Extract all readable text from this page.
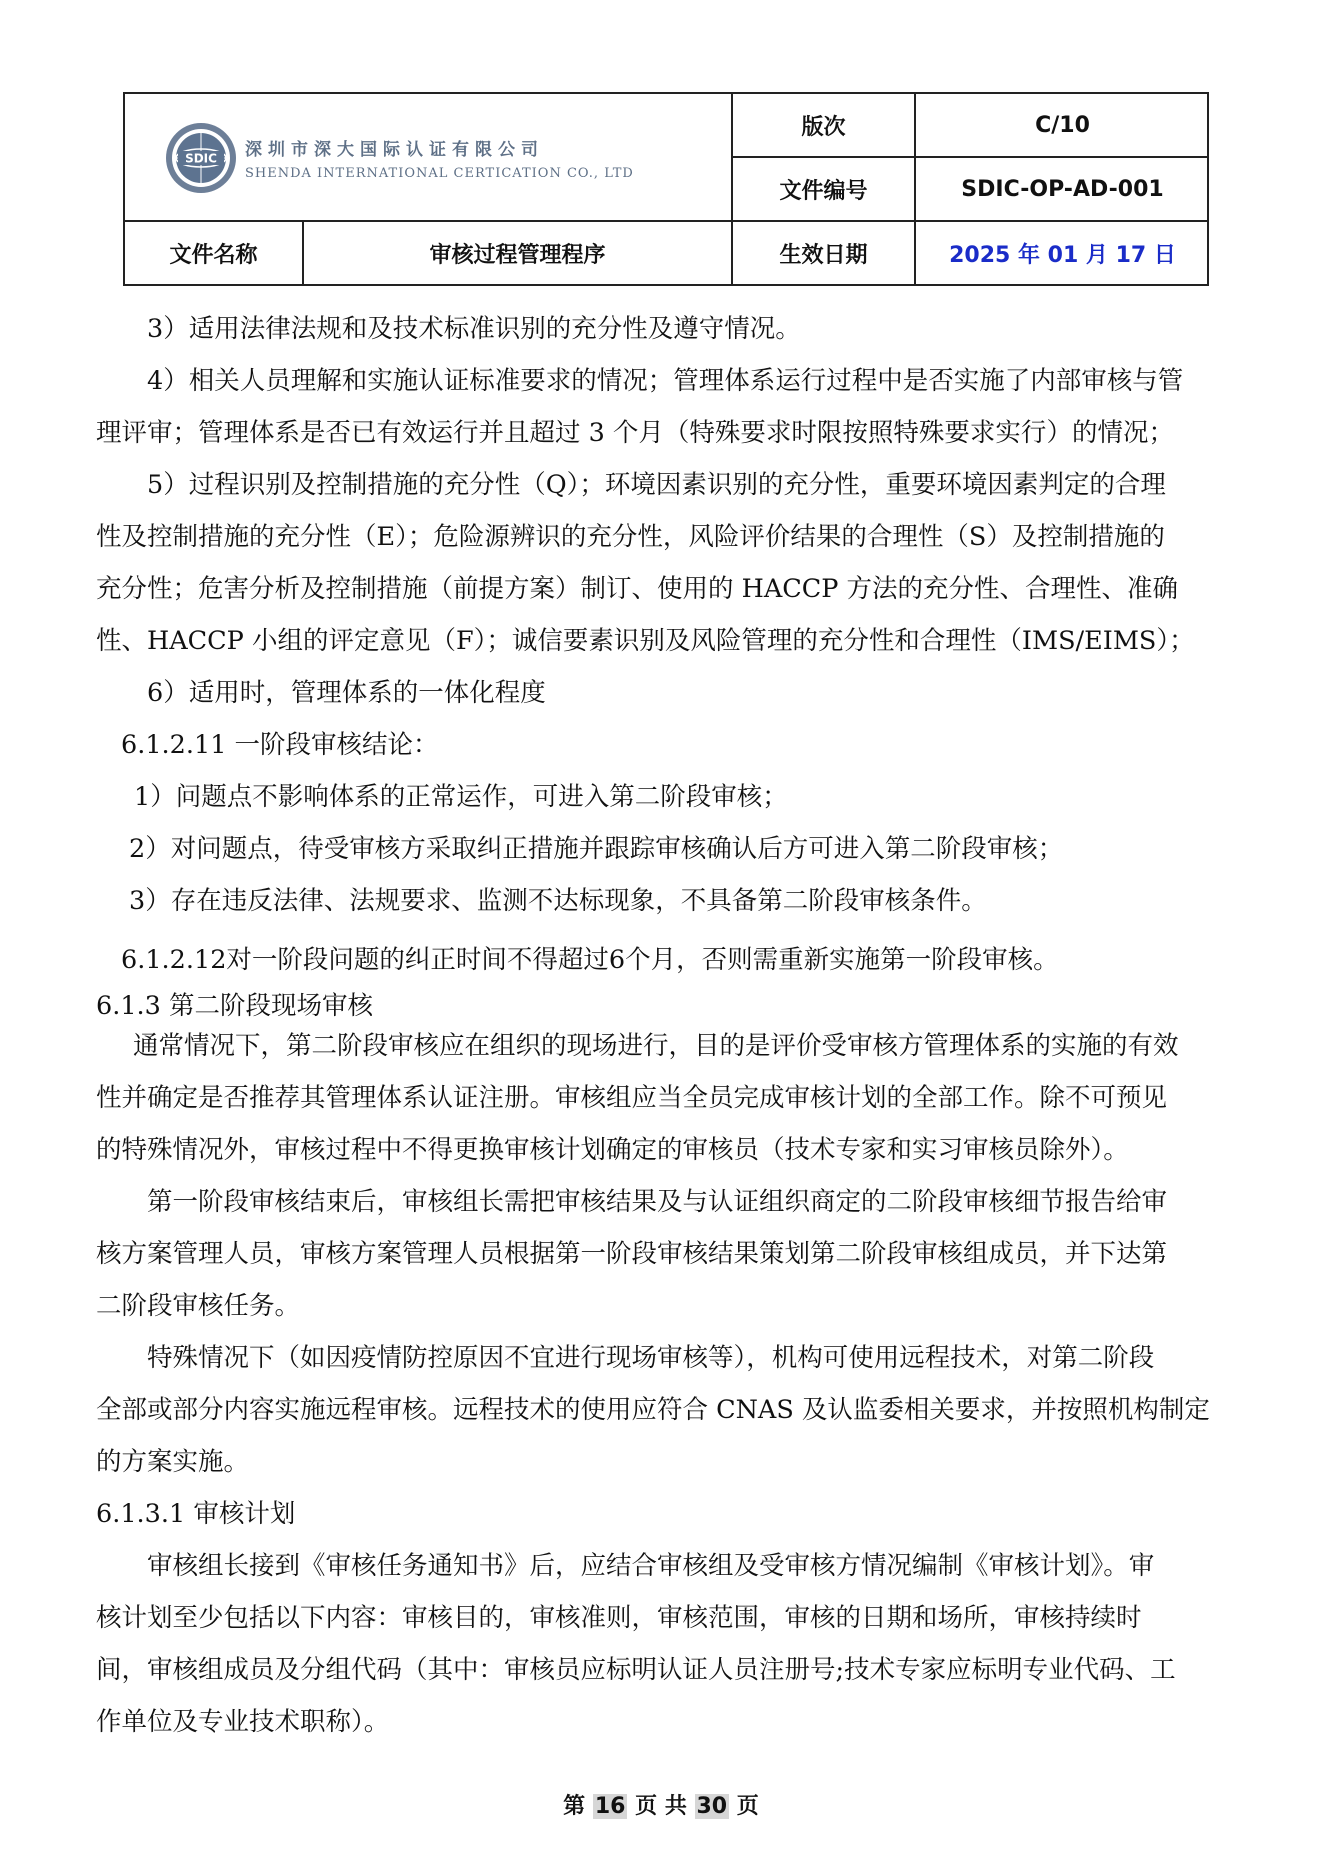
SDIC 深圳市深大国际认证有限公司
SHENDA INTERNATIONAL CERTICATION CO., LTD
版次	C/10
文件编号	SDIC-OP-AD-001
文件名称	审核过程管理程序	生效日期	2025 年 01 月 17 日
3）适用法律法规和及技术标准识别的充分性及遵守情况。
4）相关人员理解和实施认证标准要求的情况；管理体系运行过程中是否实施了内部审核与管
理评审；管理体系是否已有效运行并且超过 3 个月（特殊要求时限按照特殊要求实行）的情况；
5）过程识别及控制措施的充分性（Q）；环境因素识别的充分性，重要环境因素判定的合理
性及控制措施的充分性（E）；危险源辨识的充分性，风险评价结果的合理性（S）及控制措施的
充分性；危害分析及控制措施（前提方案）制订、使用的 HACCP 方法的充分性、合理性、准确
性、HACCP 小组的评定意见（F）；诚信要素识别及风险管理的充分性和合理性（IMS/EIMS）；
6）适用时，管理体系的一体化程度
6.1.2.11 一阶段审核结论：
1）问题点不影响体系的正常运作，可进入第二阶段审核；
2）对问题点，待受审核方采取纠正措施并跟踪审核确认后方可进入第二阶段审核；
3）存在违反法律、法规要求、监测不达标现象，不具备第二阶段审核条件。
6.1.2.12对一阶段问题的纠正时间不得超过6个月，否则需重新实施第一阶段审核。
6.1.3 第二阶段现场审核
通常情况下，第二阶段审核应在组织的现场进行，目的是评价受审核方管理体系的实施的有效
性并确定是否推荐其管理体系认证注册。审核组应当全员完成审核计划的全部工作。除不可预见
的特殊情况外，审核过程中不得更换审核计划确定的审核员（技术专家和实习审核员除外）。
第一阶段审核结束后，审核组长需把审核结果及与认证组织商定的二阶段审核细节报告给审
核方案管理人员，审核方案管理人员根据第一阶段审核结果策划第二阶段审核组成员，并下达第
二阶段审核任务。
特殊情况下（如因疫情防控原因不宜进行现场审核等），机构可使用远程技术，对第二阶段
全部或部分内容实施远程审核。远程技术的使用应符合 CNAS 及认监委相关要求，并按照机构制定
的方案实施。
6.1.3.1 审核计划
审核组长接到《审核任务通知书》后，应结合审核组及受审核方情况编制《审核计划》。审
核计划至少包括以下内容：审核目的，审核准则，审核范围，审核的日期和场所，审核持续时
间，审核组成员及分组代码（其中：审核员应标明认证人员注册号;技术专家应标明专业代码、工
作单位及专业技术职称）。
第 16 页 共 30 页
